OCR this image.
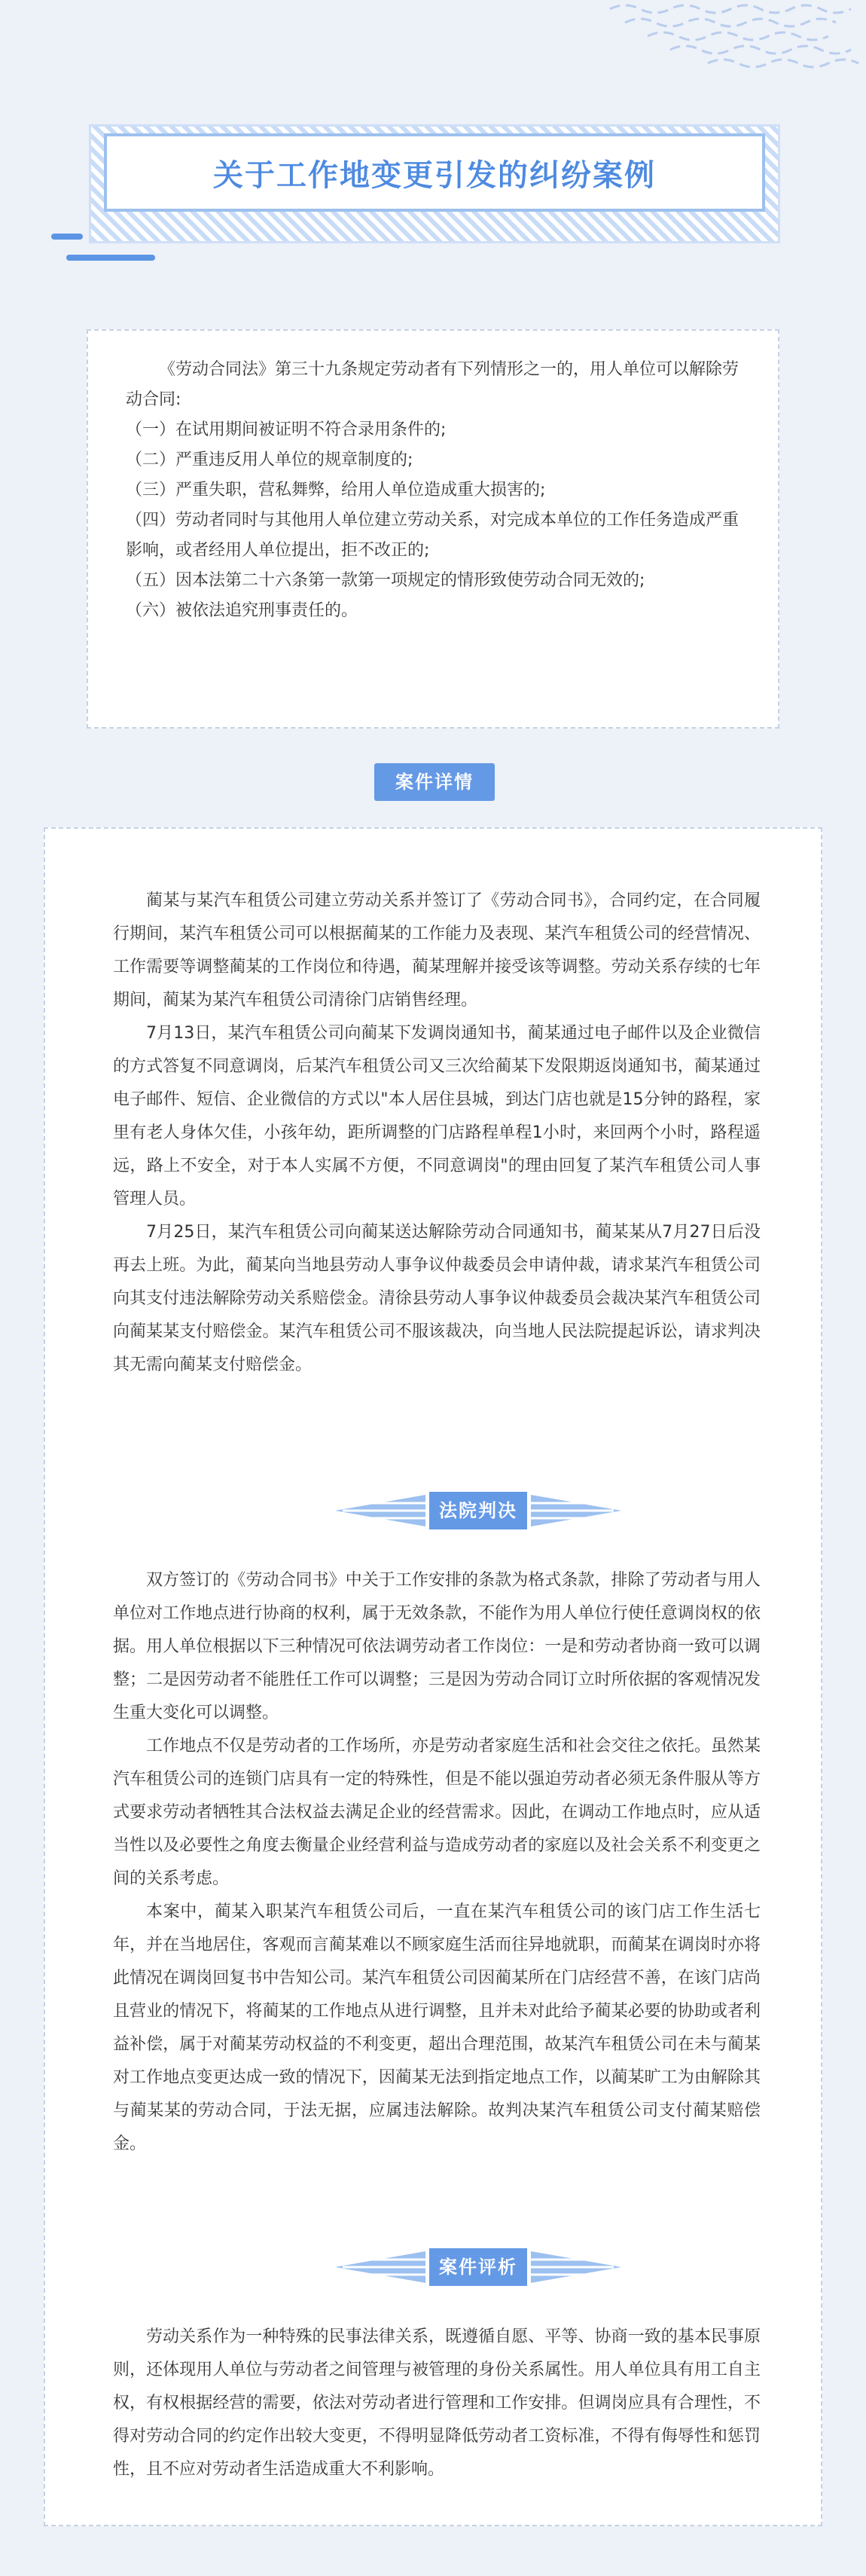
关于工作地变更引发的纠纷案例

《劳动合同法》第三十九条规定劳动者有下列情形之一的，用人单位可以解除劳动合同:

（一）在试用期间被证明不符合录用条件的;

（二）严重违反用人单位的规章制度的;

（三）严重失职，营私舞弊，给用人单位造成重大损害的;

（四）劳动者同时与其他用人单位建立劳动关系，对完成本单位的工作任务造成严重影响，或者经用人单位提出，拒不改正的;

（五）因本法第二十六条第一款第一项规定的情形致使劳动合同无效的;

（六）被依法追究刑事责任的。

案件详情

蔺某与某汽车租赁公司建立劳动关系并签订了《劳动合同书》，合同约定，在合同履行期间，某汽车租赁公司可以根据蔺某的工作能力及表现、某汽车租赁公司的经营情况、工作需要等调整蔺某的工作岗位和待遇，蔺某理解并接受该等调整。劳动关系存续的七年期间，蔺某为某汽车租赁公司清徐门店销售经理。

7月13日，某汽车租赁公司向蔺某下发调岗通知书，蔺某通过电子邮件以及企业微信的方式答复不同意调岗，后某汽车租赁公司又三次给蔺某下发限期返岗通知书，蔺某通过电子邮件、短信、企业微信的方式以"本人居住县城，到达门店也就是15分钟的路程，家里有老人身体欠佳，小孩年幼，距所调整的门店路程单程1小时，来回两个小时，路程遥远，路上不安全，对于本人实属不方便，不同意调岗"的理由回复了某汽车租赁公司人事管理人员。

7月25日，某汽车租赁公司向蔺某送达解除劳动合同通知书，蔺某某从7月27日后没再去上班。为此，蔺某向当地县劳动人事争议仲裁委员会申请仲裁，请求某汽车租赁公司向其支付违法解除劳动关系赔偿金。清徐县劳动人事争议仲裁委员会裁决某汽车租赁公司向蔺某某支付赔偿金。某汽车租赁公司不服该裁决，向当地人民法院提起诉讼，请求判决其无需向蔺某支付赔偿金。

法院判决

双方签订的《劳动合同书》中关于工作安排的条款为格式条款，排除了劳动者与用人单位对工作地点进行协商的权利，属于无效条款，不能作为用人单位行使任意调岗权的依据。用人单位根据以下三种情况可依法调劳动者工作岗位：一是和劳动者协商一致可以调整；二是因劳动者不能胜任工作可以调整；三是因为劳动合同订立时所依据的客观情况发生重大变化可以调整。

工作地点不仅是劳动者的工作场所，亦是劳动者家庭生活和社会交往之依托。虽然某汽车租赁公司的连锁门店具有一定的特殊性，但是不能以强迫劳动者必须无条件服从等方式要求劳动者牺牲其合法权益去满足企业的经营需求。因此，在调动工作地点时，应从适当性以及必要性之角度去衡量企业经营利益与造成劳动者的家庭以及社会关系不利变更之间的关系考虑。

本案中，蔺某入职某汽车租赁公司后，一直在某汽车租赁公司的该门店工作生活七年，并在当地居住，客观而言蔺某难以不顾家庭生活而往异地就职，而蔺某在调岗时亦将此情况在调岗回复书中告知公司。某汽车租赁公司因蔺某所在门店经营不善，在该门店尚且营业的情况下，将蔺某的工作地点从进行调整，且并未对此给予蔺某必要的协助或者利益补偿，属于对蔺某劳动权益的不利变更，超出合理范围，故某汽车租赁公司在未与蔺某对工作地点变更达成一致的情况下，因蔺某无法到指定地点工作，以蔺某旷工为由解除其与蔺某某的劳动合同，于法无据，应属违法解除。故判决某汽车租赁公司支付蔺某赔偿金。

案件评析

劳动关系作为一种特殊的民事法律关系，既遵循自愿、平等、协商一致的基本民事原则，还体现用人单位与劳动者之间管理与被管理的身份关系属性。用人单位具有用工自主权，有权根据经营的需要，依法对劳动者进行管理和工作安排。但调岗应具有合理性，不得对劳动合同的约定作出较大变更，不得明显降低劳动者工资标准，不得有侮辱性和惩罚性，且不应对劳动者生活造成重大不利影响。
